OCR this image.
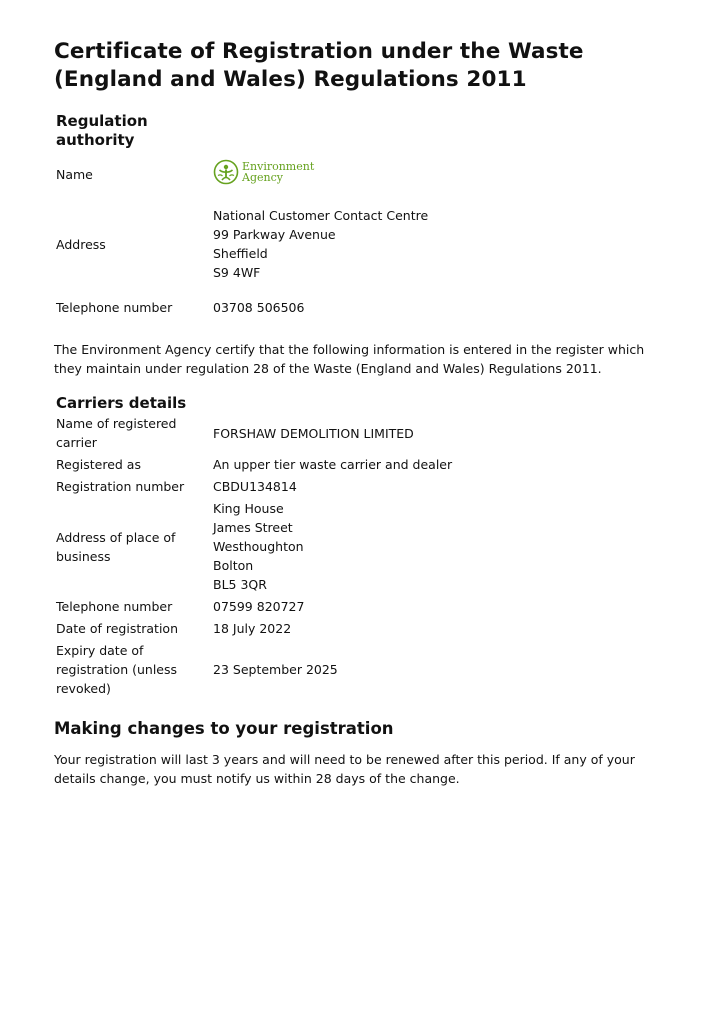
Certificate of Registration under the Waste
(England and Wales) Regulations 2011
Regulation authority
Name	Environment
Agency

Address	National Customer Contact Centre
99 Parkway Avenue
Sheffield
S9 4WF

Telephone number	03708 506506

The Environment Agency certify that the following information is entered in the register which they maintain under regulation 28 of the Waste (England and Wales) Regulations 2011.

Carriers details
Name of registered carrier	FORSHAW DEMOLITION LIMITED
Registered as	An upper tier waste carrier and dealer
Registration number	CBDU134814
Address of place of business	King House
James Street
Westhoughton
Bolton
BL5 3QR

Telephone number	07599 820727
Date of registration	18 July 2022
Expiry date of registration (unless revoked)	23 September 2025
Making changes to your registration

Your registration will last 3 years and will need to be renewed after this period. If any of your details change, you must notify us within 28 days of the change.
